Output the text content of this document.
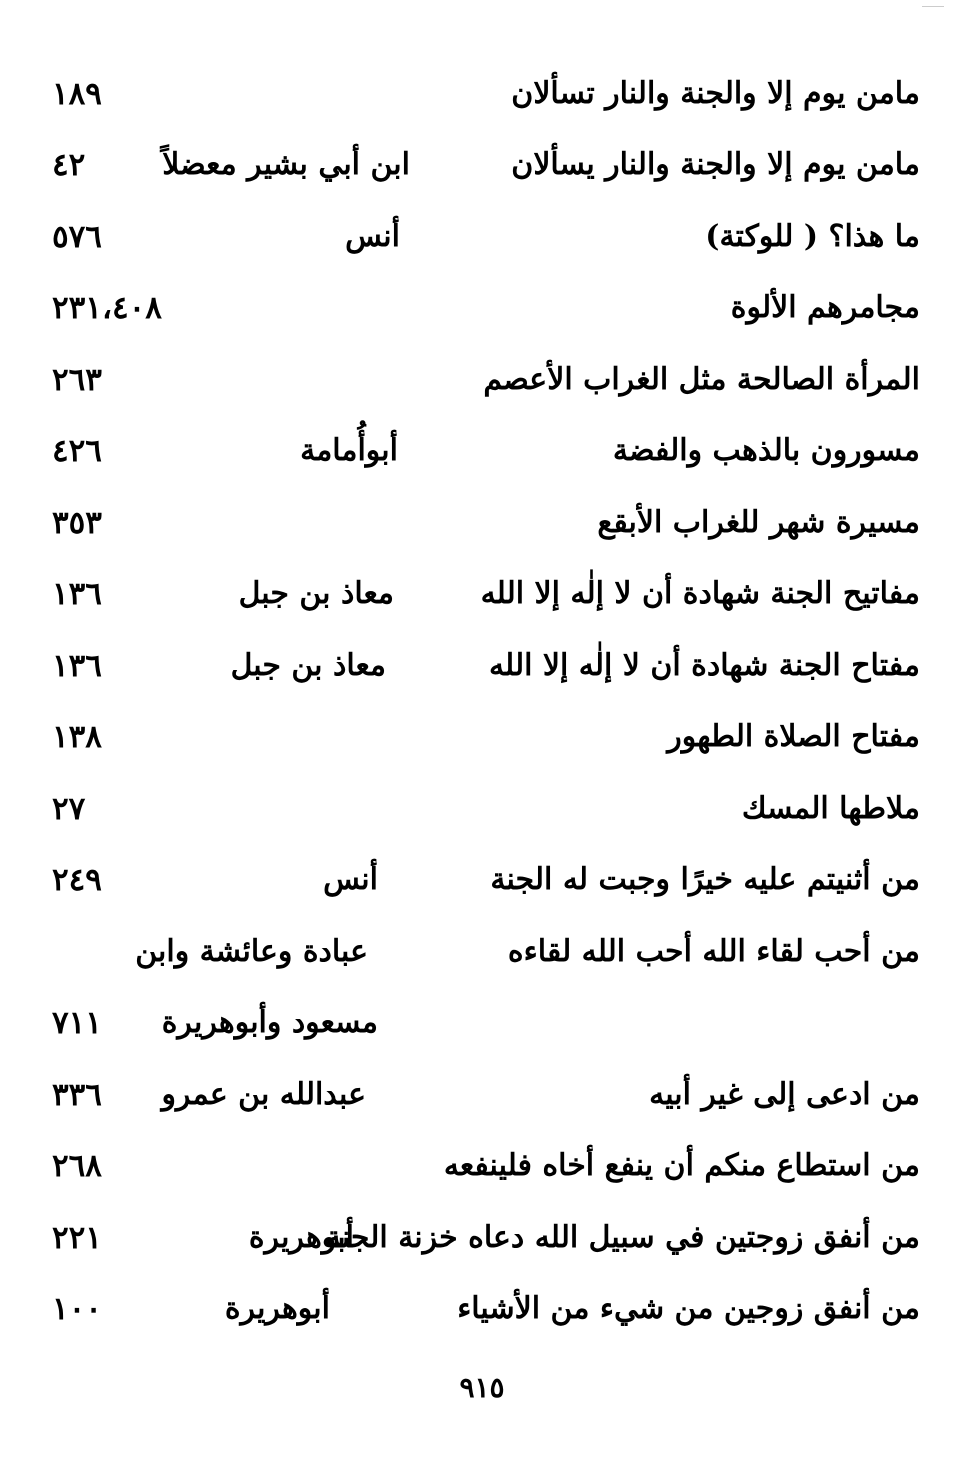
مامن يوم إلا والجنة والنار تسألان
١٨٩
مامن يوم إلا والجنة والنار يسألان
ابن أبي بشير معضلاً
٤٢
ما هذا؟ ( للوكتة)
أنس
٥٧٦
مجامرهم الألوة
٢٣١،٤٠٨
المرأة الصالحة مثل الغراب الأعصم
٢٦٣
مسورون بالذهب والفضة
أبوأُمامة
٤٢٦
مسيرة شهر للغراب الأبقع
٣٥٣
مفاتيح الجنة شهادة أن لا إلٰه إلا الله
معاذ بن جبل
١٣٦
مفتاح الجنة شهادة أن لا إلٰه إلا الله
معاذ بن جبل
١٣٦
مفتاح الصلاة الطهور
١٣٨
ملاطها المسك
٢٧
من أثنيتم عليه خيرًا وجبت له الجنة
أنس
٢٤٩
من أحب لقاء الله أحب الله لقاءه
عبادة وعائشة وابن
مسعود وأبوهريرة
٧١١
من ادعى إلى غير أبيه
عبدالله بن عمرو
٣٣٦
من استطاع منكم أن ينفع أخاه فلينفعه
٢٦٨
من أنفق زوجتين في سبيل الله دعاه خزنة الجنة
أبوهريرة
٢٢١
من أنفق زوجين من شيء من الأشياء
أبوهريرة
١٠٠
٩١٥
